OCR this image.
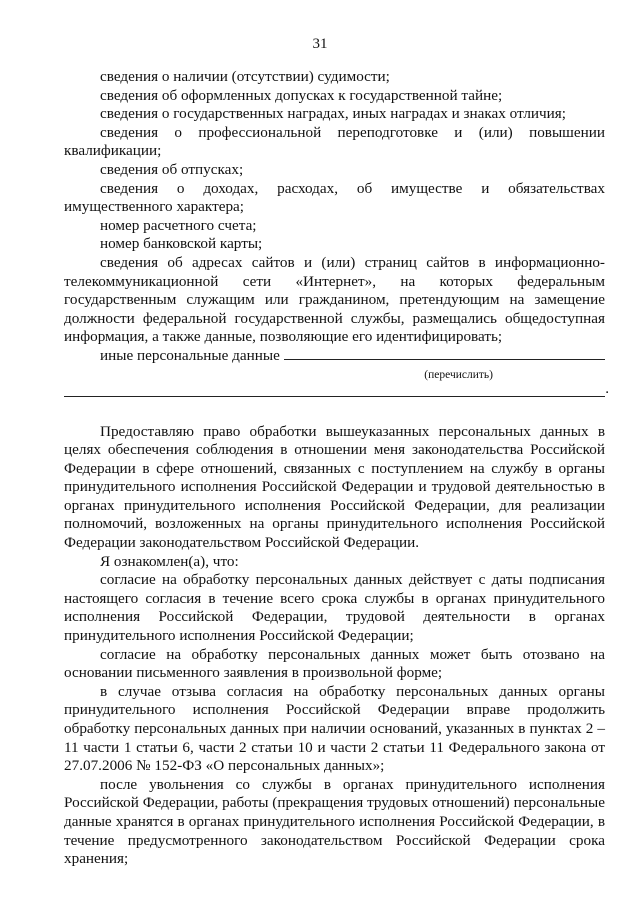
31

сведения о наличии (отсутствии) судимости;

сведения об оформленных допусках к государственной тайне;

сведения о государственных наградах, иных наградах и знаках отличия;

сведения о профессиональной переподготовке и (или) повышении квалификации;

сведения об отпусках;

сведения о доходах, расходах, об имуществе и обязательствах имущественного характера;

номер расчетного счета;

номер банковской карты;

сведения об адресах сайтов и (или) страниц сайтов в информационно-телекоммуникационной сети «Интернет», на которых федеральным государственным служащим или гражданином, претендующим на замещение должности федеральной государственной службы, размещались общедоступная информация, а также данные, позволяющие его идентифицировать;

иные персональные данные
(перечислить)
.

Предоставляю право обработки вышеуказанных персональных данных в целях обеспечения соблюдения в отношении меня законодательства Российской Федерации в сфере отношений, связанных с поступлением на службу в органы принудительного исполнения Российской Федерации и трудовой деятельностью в органах принудительного исполнения Российской Федерации, для реализации полномочий, возложенных на органы принудительного исполнения Российской Федерации законодательством Российской Федерации.

Я ознакомлен(а), что:

согласие на обработку персональных данных действует с даты подписания настоящего согласия в течение всего срока службы в органах принудительного исполнения Российской Федерации, трудовой деятельности в органах принудительного исполнения Российской Федерации;

согласие на обработку персональных данных может быть отозвано на основании письменного заявления в произвольной форме;

в случае отзыва согласия на обработку персональных данных органы принудительного исполнения Российской Федерации вправе продолжить обработку персональных данных при наличии оснований, указанных в пунктах 2 – 11 части 1 статьи 6, части 2 статьи 10 и части 2 статьи 11 Федерального закона от 27.07.2006 № 152-ФЗ «О персональных данных»;

после увольнения со службы в органах принудительного исполнения Российской Федерации, работы (прекращения трудовых отношений) персональные данные хранятся в органах принудительного исполнения Российской Федерации, в течение предусмотренного законодательством Российской Федерации срока хранения;
